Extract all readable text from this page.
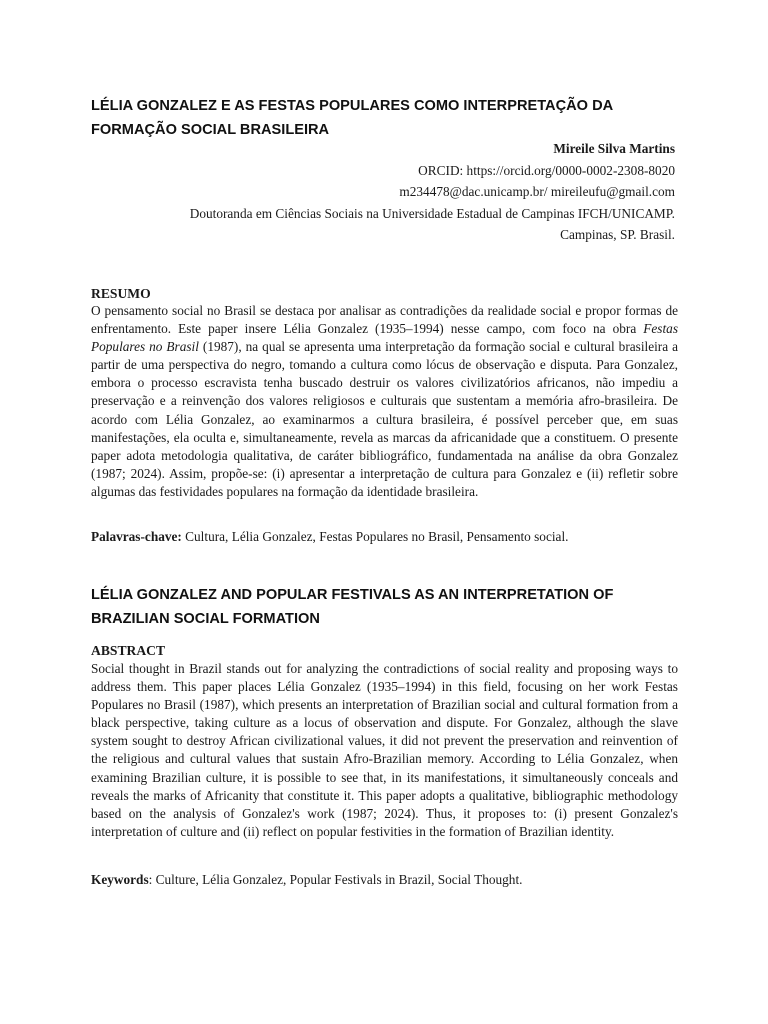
LÉLIA GONZALEZ E AS FESTAS POPULARES COMO INTERPRETAÇÃO DA FORMAÇÃO SOCIAL BRASILEIRA
Mireile Silva Martins
ORCID: https://orcid.org/0000-0002-2308-8020
m234478@dac.unicamp.br/ mireileufu@gmail.com
Doutoranda em Ciências Sociais na Universidade Estadual de Campinas IFCH/UNICAMP.
Campinas, SP. Brasil.
RESUMO

O pensamento social no Brasil se destaca por analisar as contradições da realidade social e propor formas de enfrentamento. Este paper insere Lélia Gonzalez (1935–1994) nesse campo, com foco na obra Festas Populares no Brasil (1987), na qual se apresenta uma interpretação da formação social e cultural brasileira a partir de uma perspectiva do negro, tomando a cultura como lócus de observação e disputa. Para Gonzalez, embora o processo escravista tenha buscado destruir os valores civilizatórios africanos, não impediu a preservação e a reinvenção dos valores religiosos e culturais que sustentam a memória afro-brasileira. De acordo com Lélia Gonzalez, ao examinarmos a cultura brasileira, é possível perceber que, em suas manifestações, ela oculta e, simultaneamente, revela as marcas da africanidade que a constituem. O presente paper adota metodologia qualitativa, de caráter bibliográfico, fundamentada na análise da obra Gonzalez (1987; 2024). Assim, propõe-se: (i) apresentar a interpretação de cultura para Gonzalez e (ii) refletir sobre algumas das festividades populares na formação da identidade brasileira.

Palavras-chave: Cultura, Lélia Gonzalez, Festas Populares no Brasil, Pensamento social.

LÉLIA GONZALEZ AND POPULAR FESTIVALS AS AN INTERPRETATION OF BRAZILIAN SOCIAL FORMATION
ABSTRACT

Social thought in Brazil stands out for analyzing the contradictions of social reality and proposing ways to address them. This paper places Lélia Gonzalez (1935–1994) in this field, focusing on her work Festas Populares no Brasil (1987), which presents an interpretation of Brazilian social and cultural formation from a black perspective, taking culture as a locus of observation and dispute. For Gonzalez, although the slave system sought to destroy African civilizational values, it did not prevent the preservation and reinvention of the religious and cultural values that sustain Afro-Brazilian memory. According to Lélia Gonzalez, when examining Brazilian culture, it is possible to see that, in its manifestations, it simultaneously conceals and reveals the marks of Africanity that constitute it. This paper adopts a qualitative, bibliographic methodology based on the analysis of Gonzalez's work (1987; 2024). Thus, it proposes to: (i) present Gonzalez's interpretation of culture and (ii) reflect on popular festivities in the formation of Brazilian identity.

Keywords: Culture, Lélia Gonzalez, Popular Festivals in Brazil, Social Thought.
